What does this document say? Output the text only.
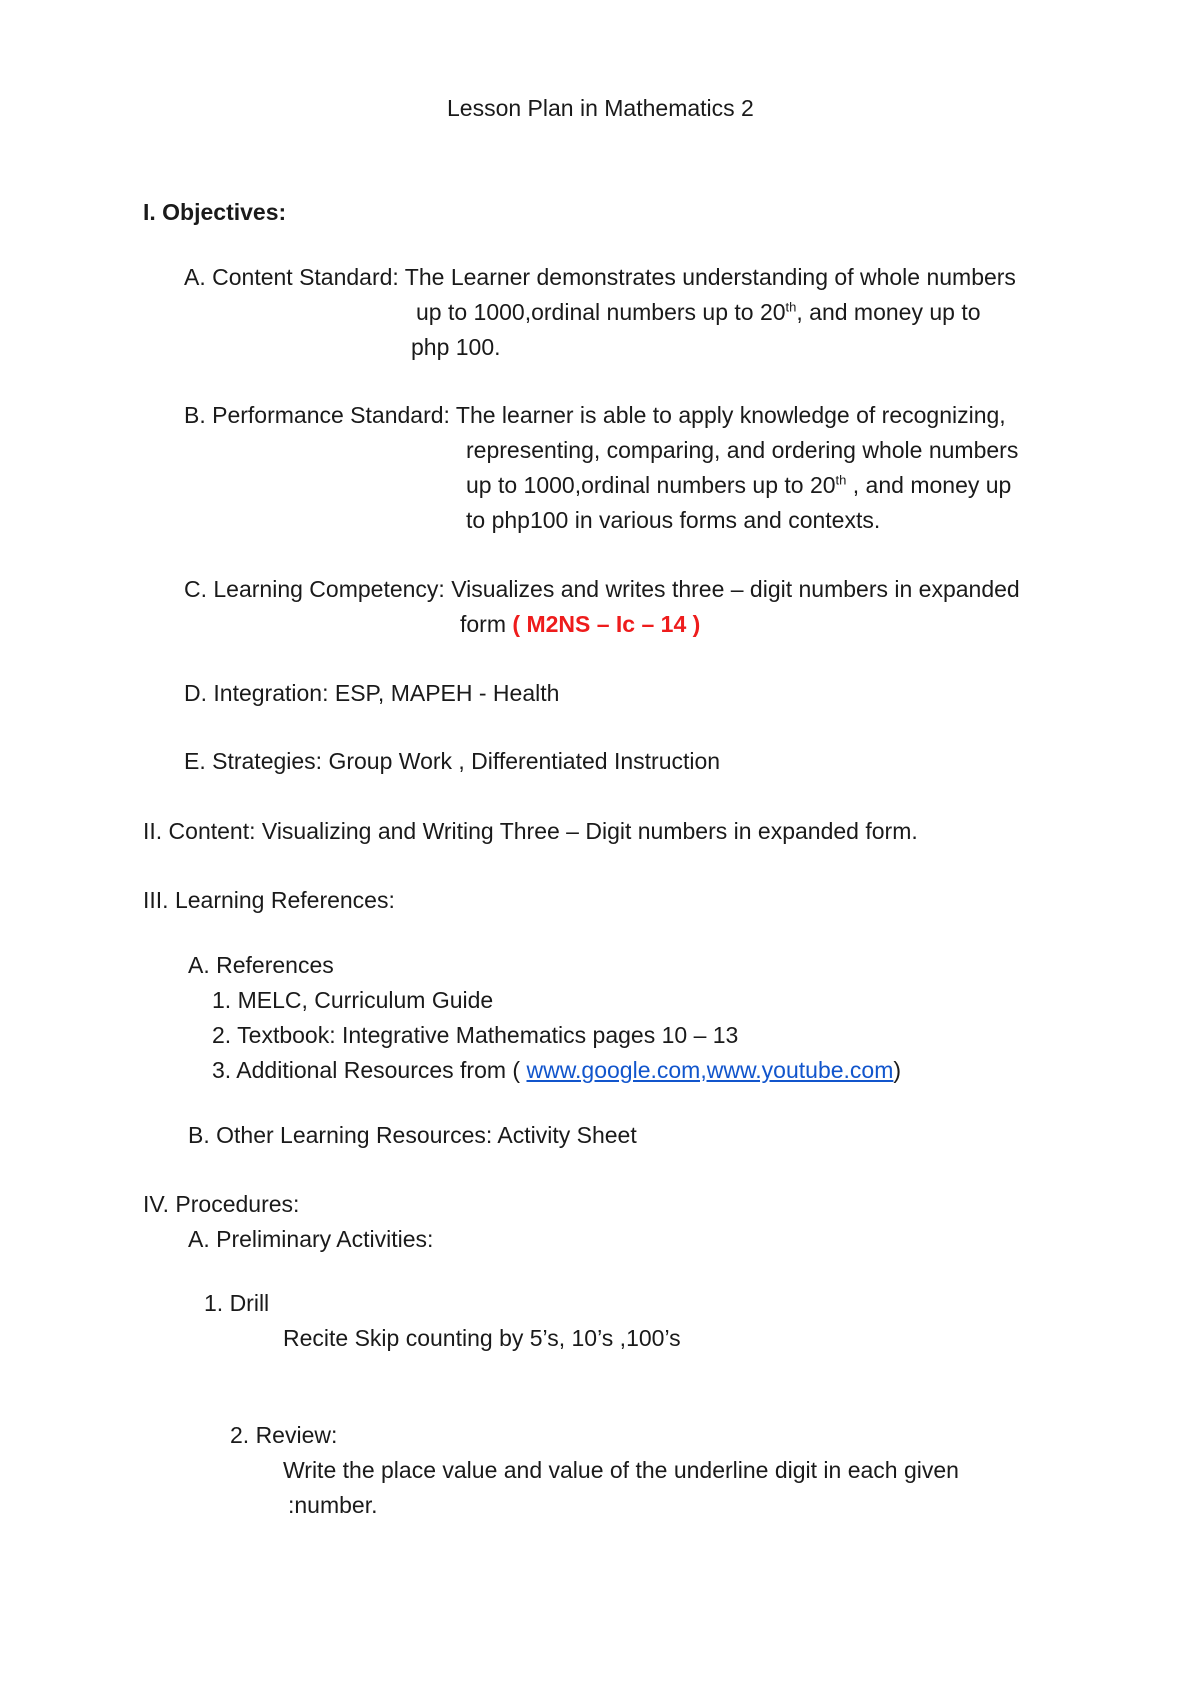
Lesson Plan in Mathematics 2
I. Objectives:
A. Content Standard: The Learner demonstrates understanding of whole numbers
up to 1000,ordinal numbers up to 20th, and money up to
php 100.
B. Performance Standard: The learner is able to apply knowledge of recognizing,
representing, comparing, and ordering whole numbers
up to 1000,ordinal numbers up to 20th , and money up
to php100 in various forms and contexts.
C. Learning Competency: Visualizes and writes three – digit numbers in expanded
form ( M2NS – Ic – 14 )
D. Integration: ESP, MAPEH - Health
E. Strategies: Group Work , Differentiated Instruction
II. Content: Visualizing and Writing Three – Digit numbers in expanded form.
III. Learning References:
A. References
1. MELC, Curriculum Guide
2. Textbook: Integrative Mathematics pages 10 – 13
3. Additional Resources from ( www.google.com,www.youtube.com)
B. Other Learning Resources: Activity Sheet
IV. Procedures:
A. Preliminary Activities:
1. Drill
Recite Skip counting by 5’s, 10’s ,100’s
2. Review:
Write the place value and value of the underline digit in each given
:number.
